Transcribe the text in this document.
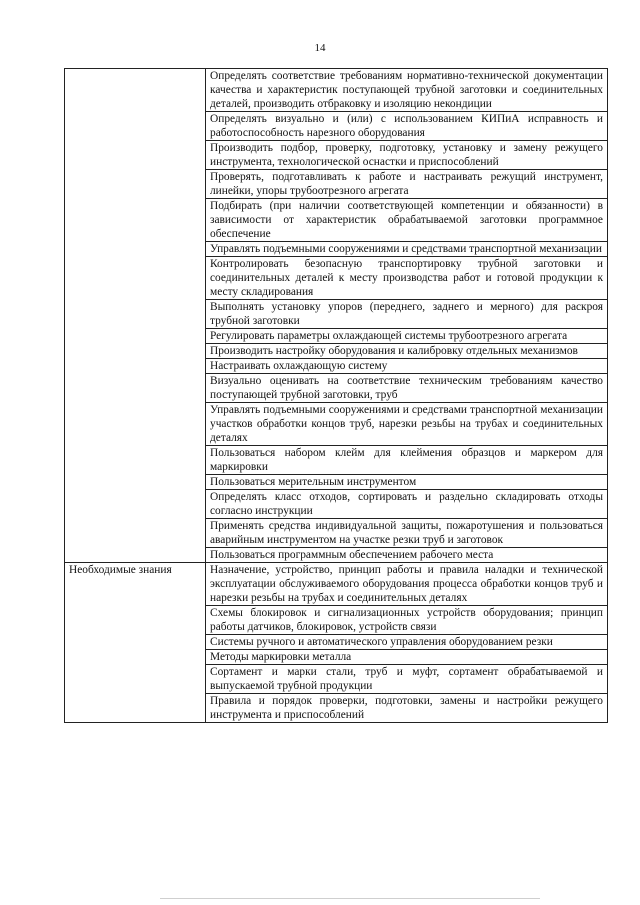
14
	Определять соответствие требованиям нормативно-технической документации качества и характеристик поступающей трубной заготовки и соединительных деталей, производить отбраковку и изоляцию некондиции
	Определять визуально и (или) с использованием КИПиА исправность и работоспособность нарезного оборудования
	Производить подбор, проверку, подготовку, установку и замену режущего инструмента, технологической оснастки и приспособлений
	Проверять, подготавливать к работе и настраивать режущий инструмент, линейки, упоры трубоотрезного агрегата
	Подбирать (при наличии соответствующей компетенции и обязанности) в зависимости от характеристик обрабатываемой заготовки программное обеспечение
	Управлять подъемными сооружениями и средствами транспортной механизации
	Контролировать безопасную транспортировку трубной заготовки и соединительных деталей к месту производства работ и готовой продукции к месту складирования
	Выполнять установку упоров (переднего, заднего и мерного) для раскроя трубной заготовки
	Регулировать параметры охлаждающей системы трубоотрезного агрегата
	Производить настройку оборудования и калибровку отдельных механизмов
	Настраивать охлаждающую систему
	Визуально оценивать на соответствие техническим требованиям качество поступающей трубной заготовки, труб
	Управлять подъемными сооружениями и средствами транспортной механизации участков обработки концов труб, нарезки резьбы на трубах и соединительных деталях
	Пользоваться набором клейм для клеймения образцов и маркером для маркировки
	Пользоваться мерительным инструментом
	Определять класс отходов, сортировать и раздельно складировать отходы согласно инструкции
	Применять средства индивидуальной защиты, пожаротушения и пользоваться аварийным инструментом на участке резки труб и заготовок
	Пользоваться программным обеспечением рабочего места
Необходимые знания	Назначение, устройство, принцип работы и правила наладки и технической эксплуатации обслуживаемого оборудования процесса обработки концов труб и нарезки резьбы на трубах и соединительных деталях
	Схемы блокировок и сигнализационных устройств оборудования; принцип работы датчиков, блокировок, устройств связи
	Системы ручного и автоматического управления оборудованием резки
	Методы маркировки металла
	Сортамент и марки стали, труб и муфт, сортамент обрабатываемой и выпускаемой трубной продукции
	Правила и порядок проверки, подготовки, замены и настройки режущего инструмента и приспособлений
